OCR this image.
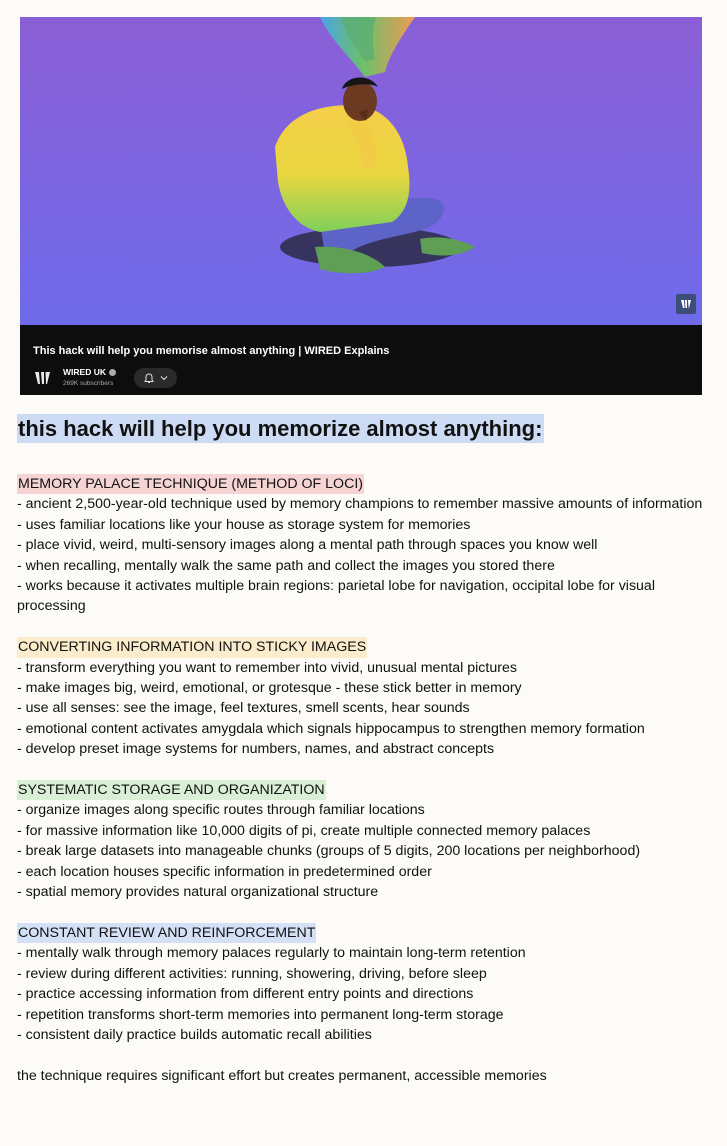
This hack will help you memorise almost anything | WIRED Explains
WIRED UK
269K subscribers
this hack will help you memorize almost anything:
MEMORY PALACE TECHNIQUE (METHOD OF LOCI)
- ancient 2,500-year-old technique used by memory champions to remember massive amounts of information
- uses familiar locations like your house as storage system for memories
- place vivid, weird, multi-sensory images along a mental path through spaces you know well
- when recalling, mentally walk the same path and collect the images you stored there
- works because it activates multiple brain regions: parietal lobe for navigation, occipital lobe for visual processing
CONVERTING INFORMATION INTO STICKY IMAGES
- transform everything you want to remember into vivid, unusual mental pictures
- make images big, weird, emotional, or grotesque - these stick better in memory
- use all senses: see the image, feel textures, smell scents, hear sounds
- emotional content activates amygdala which signals hippocampus to strengthen memory formation
- develop preset image systems for numbers, names, and abstract concepts
SYSTEMATIC STORAGE AND ORGANIZATION
- organize images along specific routes through familiar locations
- for massive information like 10,000 digits of pi, create multiple connected memory palaces
- break large datasets into manageable chunks (groups of 5 digits, 200 locations per neighborhood)
- each location houses specific information in predetermined order
- spatial memory provides natural organizational structure
CONSTANT REVIEW AND REINFORCEMENT
- mentally walk through memory palaces regularly to maintain long-term retention
- review during different activities: running, showering, driving, before sleep
- practice accessing information from different entry points and directions
- repetition transforms short-term memories into permanent long-term storage
- consistent daily practice builds automatic recall abilities
the technique requires significant effort but creates permanent, accessible memories
